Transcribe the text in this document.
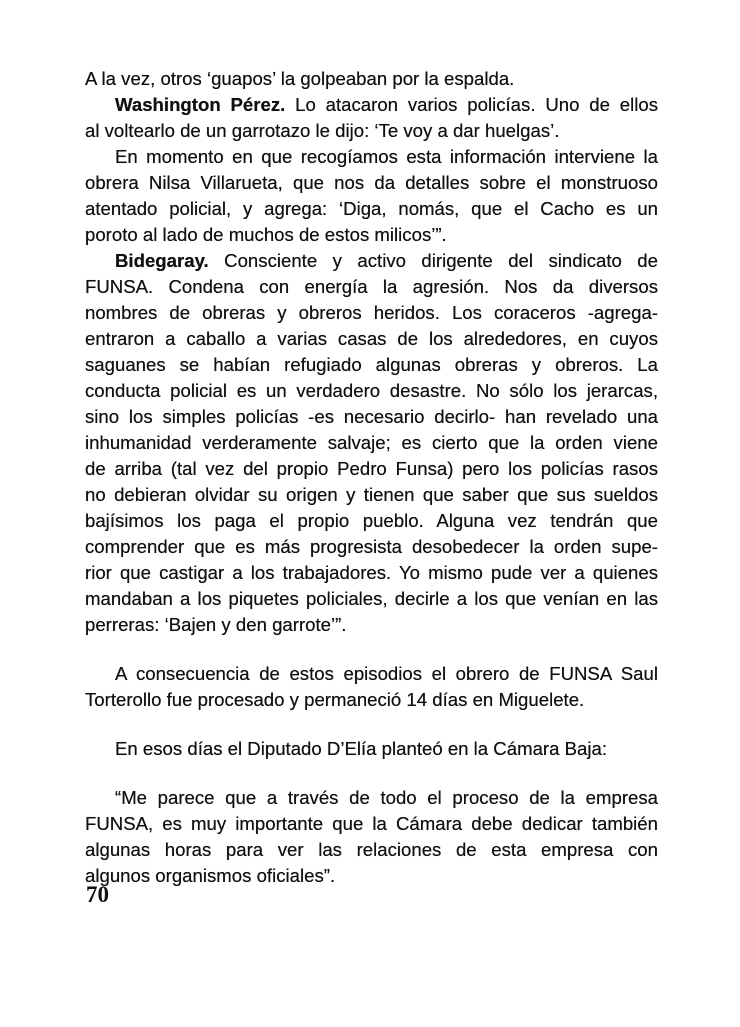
A la vez, otros ‘guapos’ la golpeaban por la espalda.
Washington Pérez. Lo atacaron varios policías. Uno de ellos
al voltearlo de un garrotazo le dijo: ‘Te voy a dar huelgas’.
En momento en que recogíamos esta información interviene la
obrera Nilsa Villarueta, que nos da detalles sobre el monstruoso
atentado policial, y agrega: ‘Diga, nomás, que el Cacho es un
poroto al lado de muchos de estos milicos’”.
Bidegaray. Consciente y activo dirigente del sindicato de
FUNSA. Condena con energía la agresión. Nos da diversos
nombres de obreras y obreros heridos. Los coraceros -agrega-
entraron a caballo a varias casas de los alrededores, en cuyos
saguanes se habían refugiado algunas obreras y obreros. La
conducta policial es un verdadero desastre. No sólo los jerarcas,
sino los simples policías -es necesario decirlo- han revelado una
inhumanidad verderamente salvaje; es cierto que la orden viene
de arriba (tal vez del propio Pedro Funsa) pero los policías rasos
no debieran olvidar su origen y tienen que saber que sus sueldos
bajísimos los paga el propio pueblo. Alguna vez tendrán que
comprender que es más progresista desobedecer la orden supe-
rior que castigar a los trabajadores. Yo mismo pude ver a quienes
mandaban a los piquetes policiales, decirle a los que venían en las
perreras: ‘Bajen y den garrote’”.
A consecuencia de estos episodios el obrero de FUNSA Saul
Torterollo fue procesado y permaneció 14 días en Miguelete.
En esos días el Diputado D’Elía planteó en la Cámara Baja:
“Me parece que a través de todo el proceso de la empresa
FUNSA, es muy importante que la Cámara debe dedicar también
algunas horas para ver las relaciones de esta empresa con
algunos organismos oficiales”.
70
